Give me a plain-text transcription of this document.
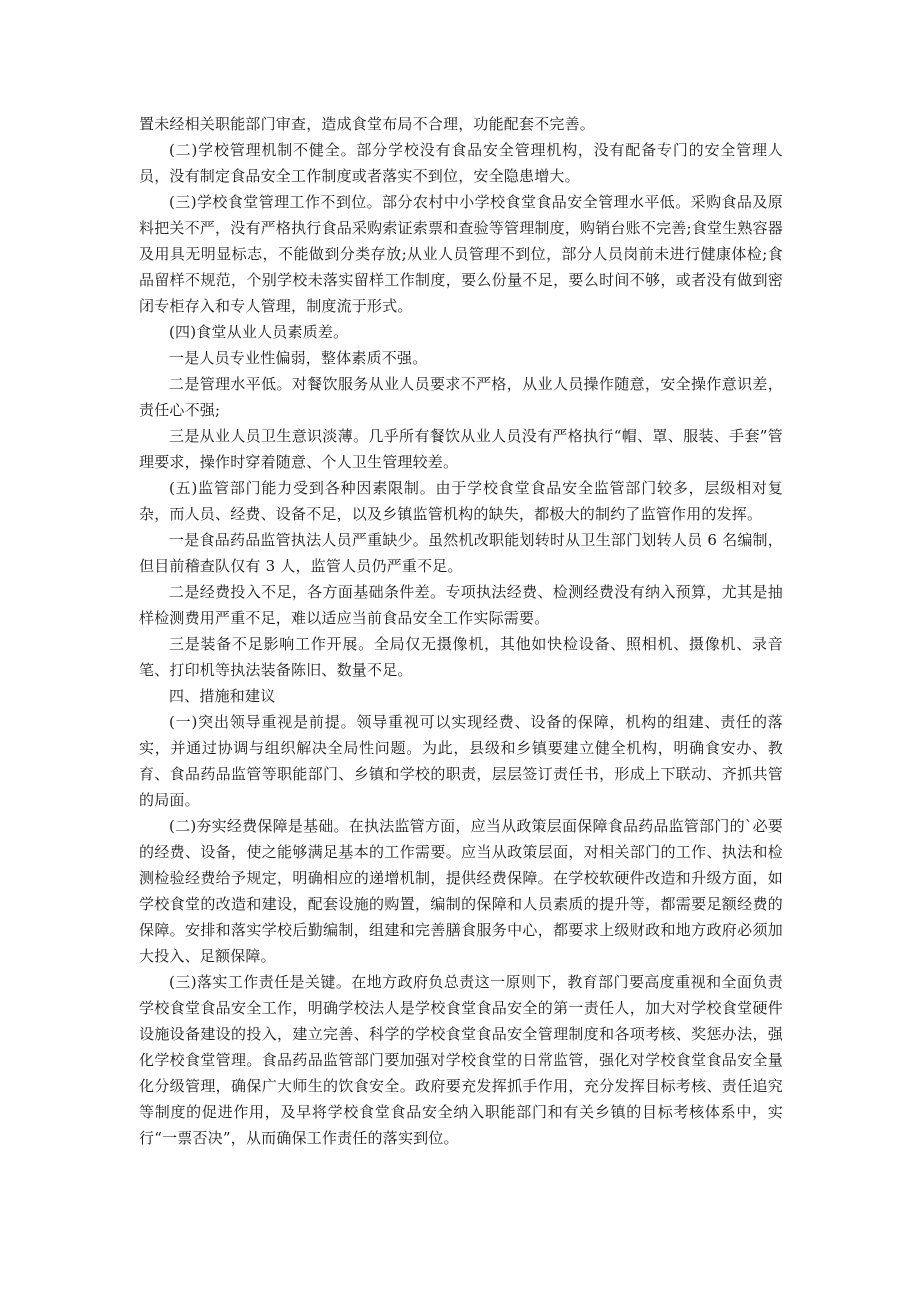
置未经相关职能部门审查，造成食堂布局不合理，功能配套不完善。

(二)学校管理机制不健全。部分学校没有食品安全管理机构，没有配备专门的安全管理人员，没有制定食品安全工作制度或者落实不到位，安全隐患增大。

(三)学校食堂管理工作不到位。部分农村中小学校食堂食品安全管理水平低。采购食品及原料把关不严，没有严格执行食品采购索证索票和查验等管理制度，购销台账不完善;食堂生熟容器及用具无明显标志，不能做到分类存放;从业人员管理不到位，部分人员岗前未进行健康体检;食品留样不规范，个别学校未落实留样工作制度，要么份量不足，要么时间不够，或者没有做到密闭专柜存入和专人管理，制度流于形式。

(四)食堂从业人员素质差。

一是人员专业性偏弱，整体素质不强。

二是管理水平低。对餐饮服务从业人员要求不严格，从业人员操作随意，安全操作意识差，责任心不强;

三是从业人员卫生意识淡薄。几乎所有餐饮从业人员没有严格执行“帽、罩、服装、手套”管理要求，操作时穿着随意、个人卫生管理较差。

(五)监管部门能力受到各种因素限制。由于学校食堂食品安全监管部门较多，层级相对复杂，而人员、经费、设备不足，以及乡镇监管机构的缺失，都极大的制约了监管作用的发挥。

一是食品药品监管执法人员严重缺少。虽然机改职能划转时从卫生部门划转人员 6 名编制，但目前稽查队仅有 3 人，监管人员仍严重不足。

二是经费投入不足，各方面基础条件差。专项执法经费、检测经费没有纳入预算，尤其是抽样检测费用严重不足，难以适应当前食品安全工作实际需要。

三是装备不足影响工作开展。全局仅无摄像机，其他如快检设备、照相机、摄像机、录音笔、打印机等执法装备陈旧、数量不足。

四、措施和建议

(一)突出领导重视是前提。领导重视可以实现经费、设备的保障，机构的组建、责任的落实，并通过协调与组织解决全局性问题。为此，县级和乡镇要建立健全机构，明确食安办、教育、食品药品监管等职能部门、乡镇和学校的职责，层层签订责任书，形成上下联动、齐抓共管的局面。

(二)夯实经费保障是基础。在执法监管方面，应当从政策层面保障食品药品监管部门的`必要的经费、设备，使之能够满足基本的工作需要。应当从政策层面，对相关部门的工作、执法和检测检验经费给予规定，明确相应的递增机制，提供经费保障。在学校软硬件改造和升级方面，如学校食堂的改造和建设，配套设施的购置，编制的保障和人员素质的提升等，都需要足额经费的保障。安排和落实学校后勤编制，组建和完善膳食服务中心，都要求上级财政和地方政府必须加大投入、足额保障。

(三)落实工作责任是关键。在地方政府负总责这一原则下，教育部门要高度重视和全面负责学校食堂食品安全工作，明确学校法人是学校食堂食品安全的第一责任人，加大对学校食堂硬件设施设备建设的投入，建立完善、科学的学校食堂食品安全管理制度和各项考核、奖惩办法，强化学校食堂管理。食品药品监管部门要加强对学校食堂的日常监管，强化对学校食堂食品安全量化分级管理，确保广大师生的饮食安全。政府要充发挥抓手作用，充分发挥目标考核、责任追究等制度的促进作用，及早将学校食堂食品安全纳入职能部门和有关乡镇的目标考核体系中，实行“一票否决”，从而确保工作责任的落实到位。
